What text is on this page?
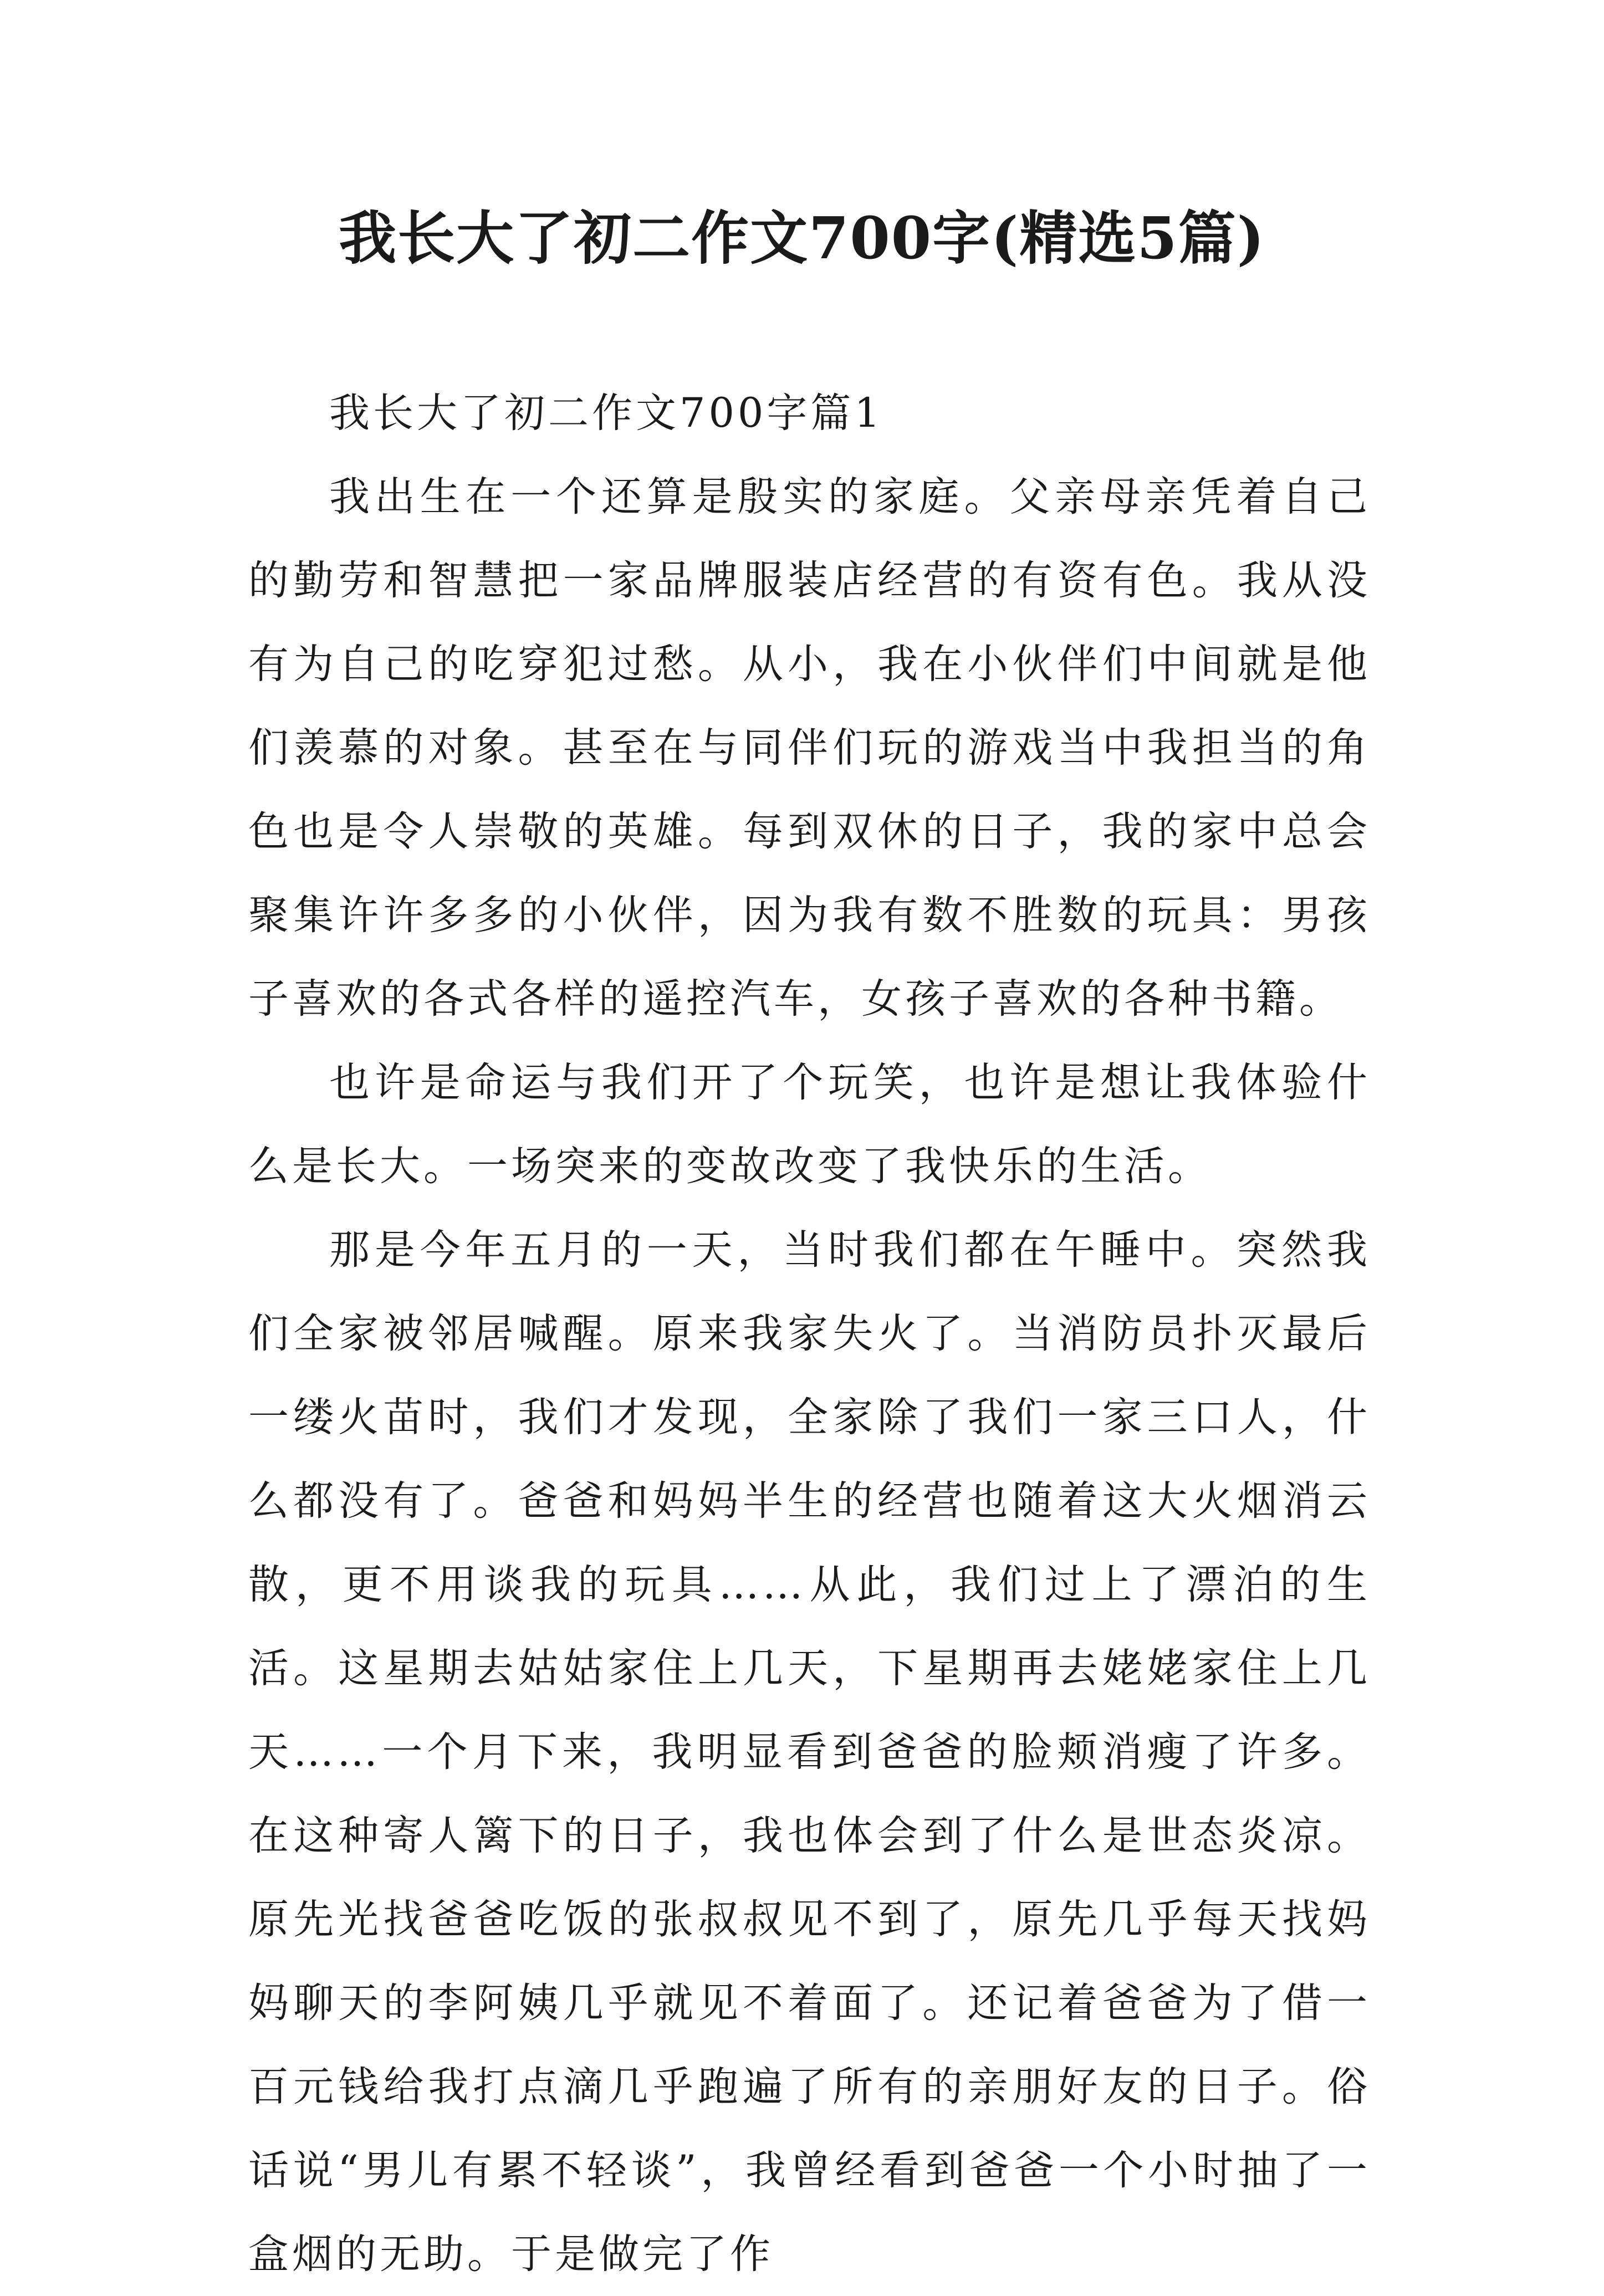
我长大了初二作文700字(精选5篇)

我长大了初二作文700字篇1

我出生在一个还算是殷实的家庭。父亲母亲凭着自己的勤劳和智慧把一家品牌服装店经营的有资有色。我从没有为自己的吃穿犯过愁。从小，我在小伙伴们中间就是他们羡慕的对象。甚至在与同伴们玩的游戏当中我担当的角色也是令人崇敬的英雄。每到双休的日子，我的家中总会聚集许许多多的小伙伴，因为我有数不胜数的玩具：男孩子喜欢的各式各样的遥控汽车，女孩子喜欢的各种书籍。

也许是命运与我们开了个玩笑，也许是想让我体验什么是长大。一场突来的变故改变了我快乐的生活。

那是今年五月的一天，当时我们都在午睡中。突然我们全家被邻居喊醒。原来我家失火了。当消防员扑灭最后一缕火苗时，我们才发现，全家除了我们一家三口人，什么都没有了。爸爸和妈妈半生的经营也随着这大火烟消云散，更不用谈我的玩具……从此，我们过上了漂泊的生活。这星期去姑姑家住上几天，下星期再去姥姥家住上几天……一个月下来，我明显看到爸爸的脸颊消瘦了许多。在这种寄人篱下的日子，我也体会到了什么是世态炎凉。原先光找爸爸吃饭的张叔叔见不到了，原先几乎每天找妈妈聊天的李阿姨几乎就见不着面了。还记着爸爸为了借一百元钱给我打点滴几乎跑遍了所有的亲朋好友的日子。俗话说“男儿有累不轻谈”，我曾经看到爸爸一个小时抽了一盒烟的无助。于是做完了作
